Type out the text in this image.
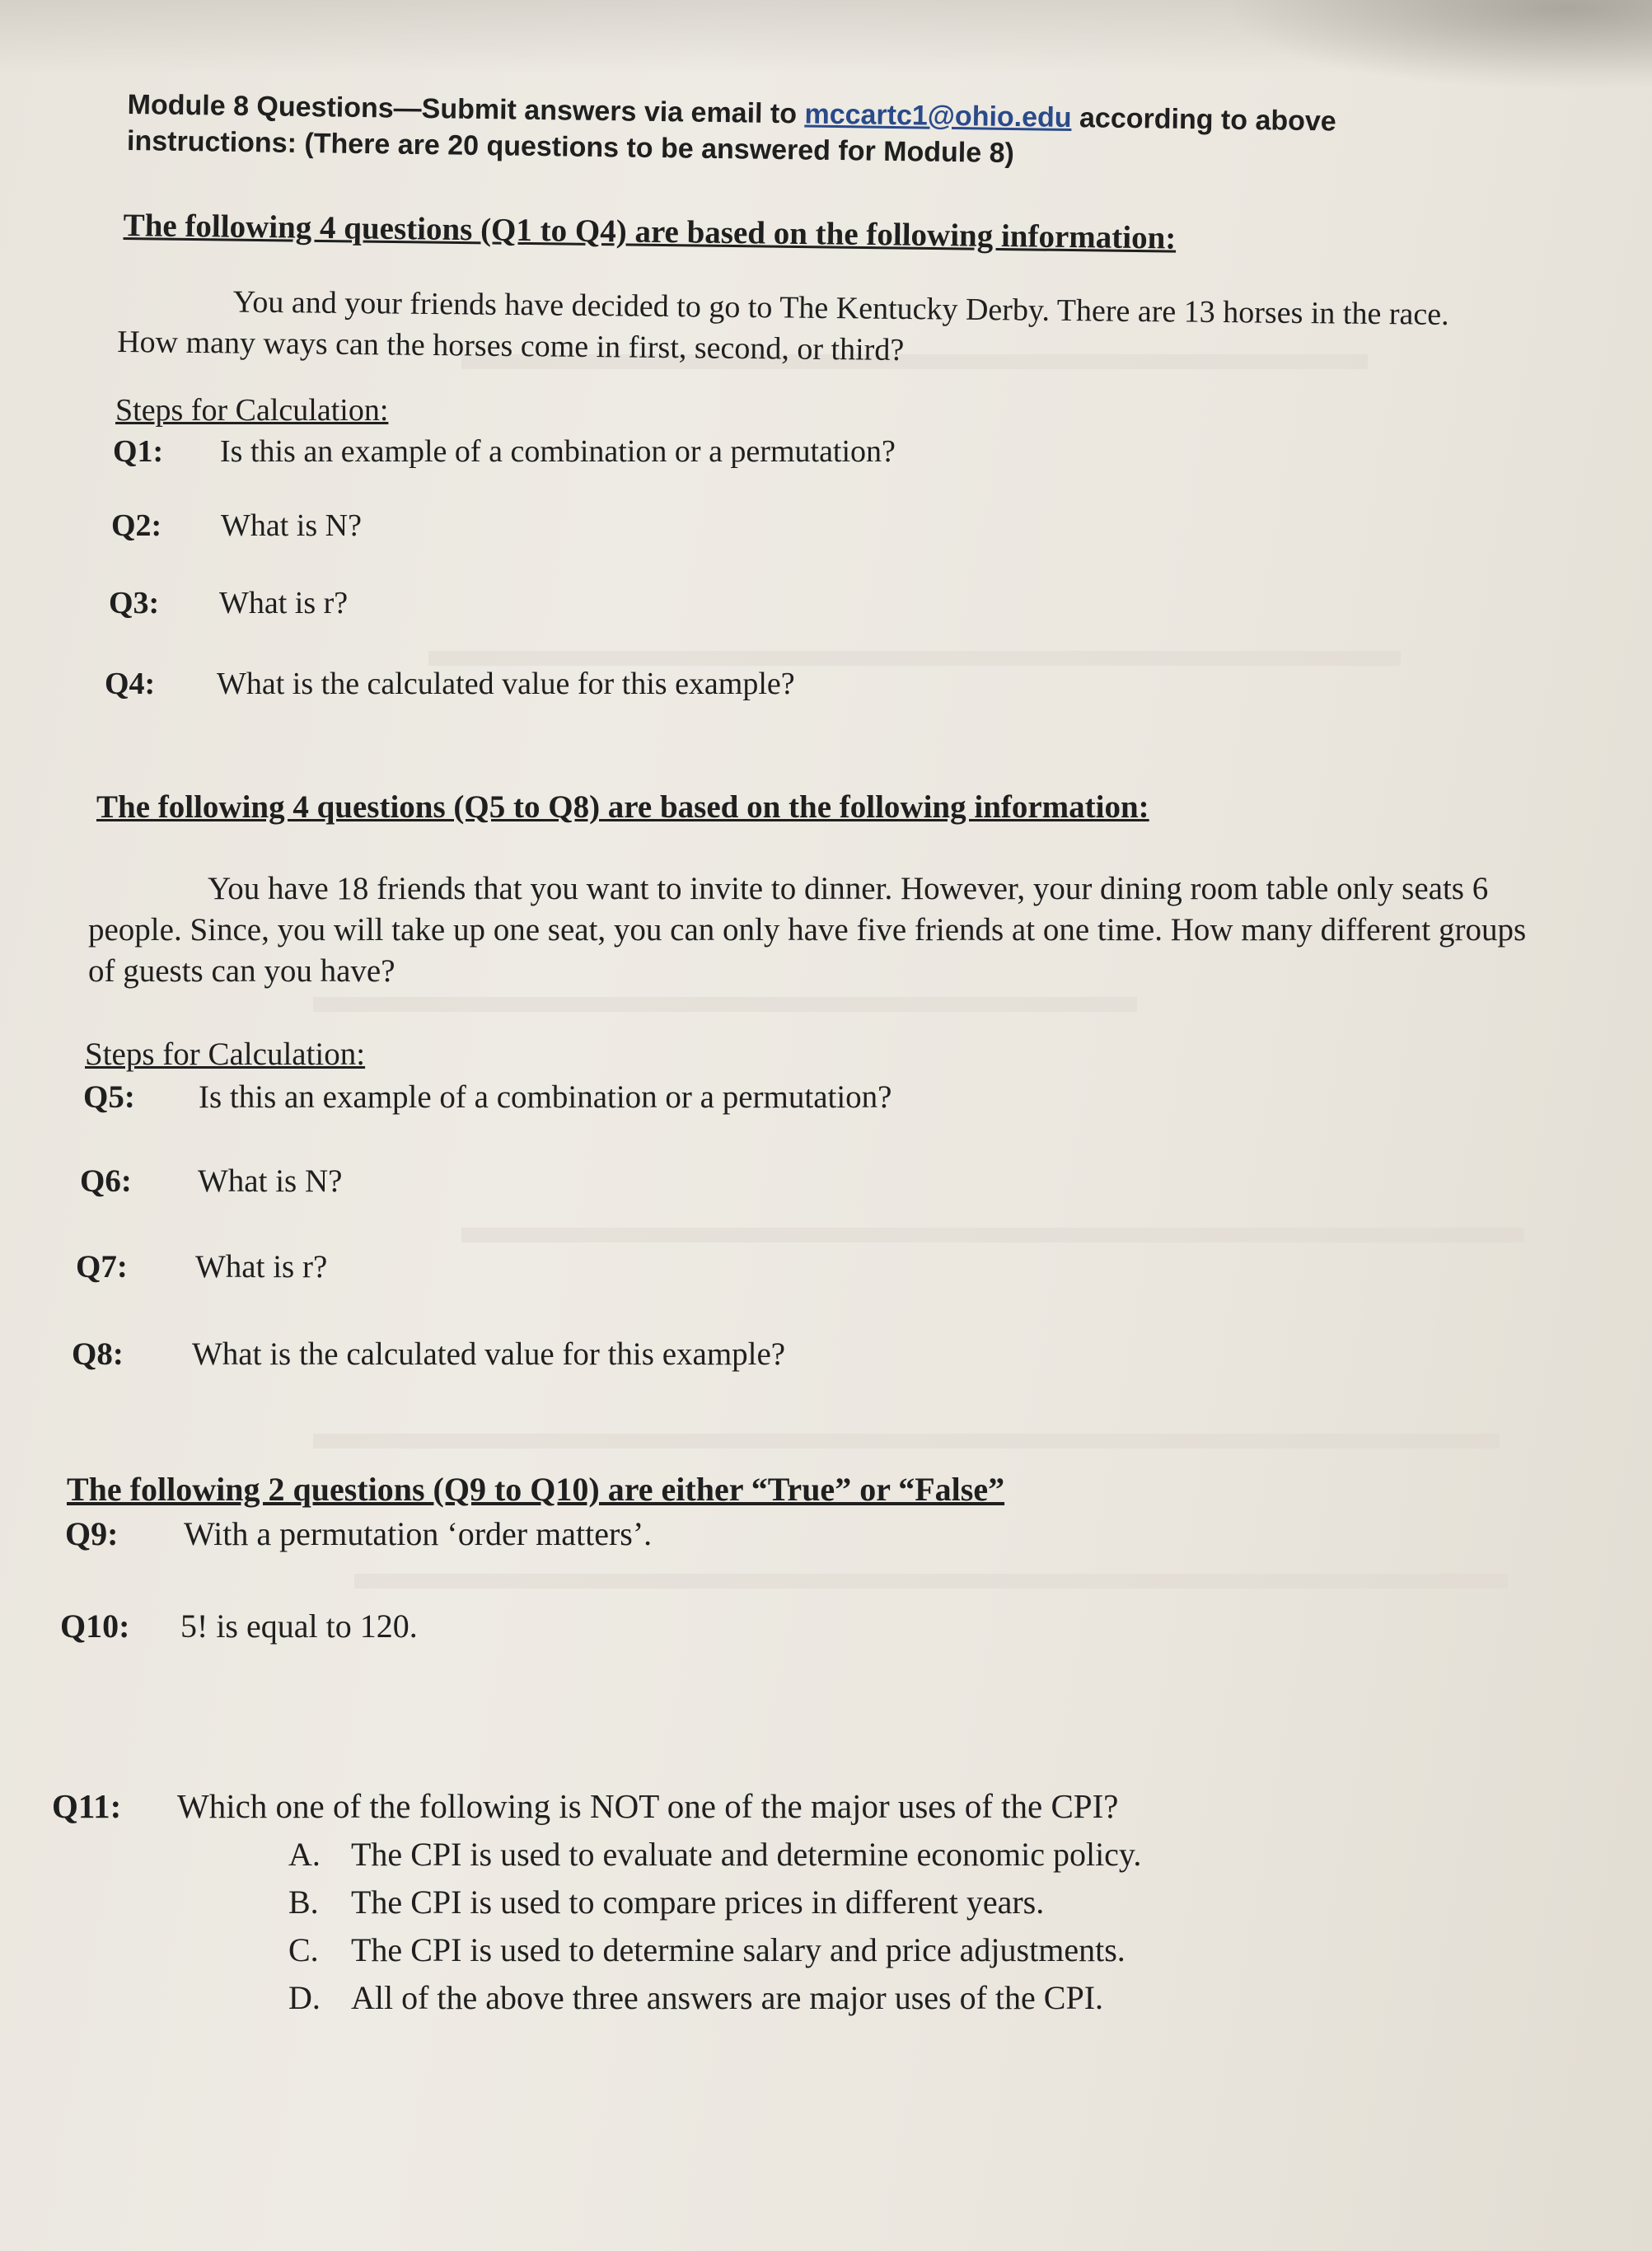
Module 8 Questions—Submit answers via email to mccartc1@ohio.edu according to above
instructions: (There are 20 questions to be answered for Module 8)
The following 4 questions (Q1 to Q4) are based on the following information:
You and your friends have decided to go to The Kentucky Derby. There are 13 horses in the race. How many ways can the horses come in first, second, or third?
Steps for Calculation:
Q1:	Is this an example of a combination or a permutation?
Q2:	What is N?
Q3:	What is r?
Q4:	What is the calculated value for this example?
The following 4 questions (Q5 to Q8) are based on the following information:
You have 18 friends that you want to invite to dinner. However, your dining room table only seats 6 people. Since, you will take up one seat, you can only have five friends at one time. How many different groups of guests can you have?
Steps for Calculation:
Q5:	Is this an example of a combination or a permutation?
Q6:	What is N?
Q7:	What is r?
Q8:	What is the calculated value for this example?
The following 2 questions (Q9 to Q10) are either “True” or “False”
Q9:	With a permutation ‘order matters’.
Q10:	5! is equal to 120.
Q11:	Which one of the following is NOT one of the major uses of the CPI?
A. The CPI is used to evaluate and determine economic policy.
B. The CPI is used to compare prices in different years.
C. The CPI is used to determine salary and price adjustments.
D. All of the above three answers are major uses of the CPI.
